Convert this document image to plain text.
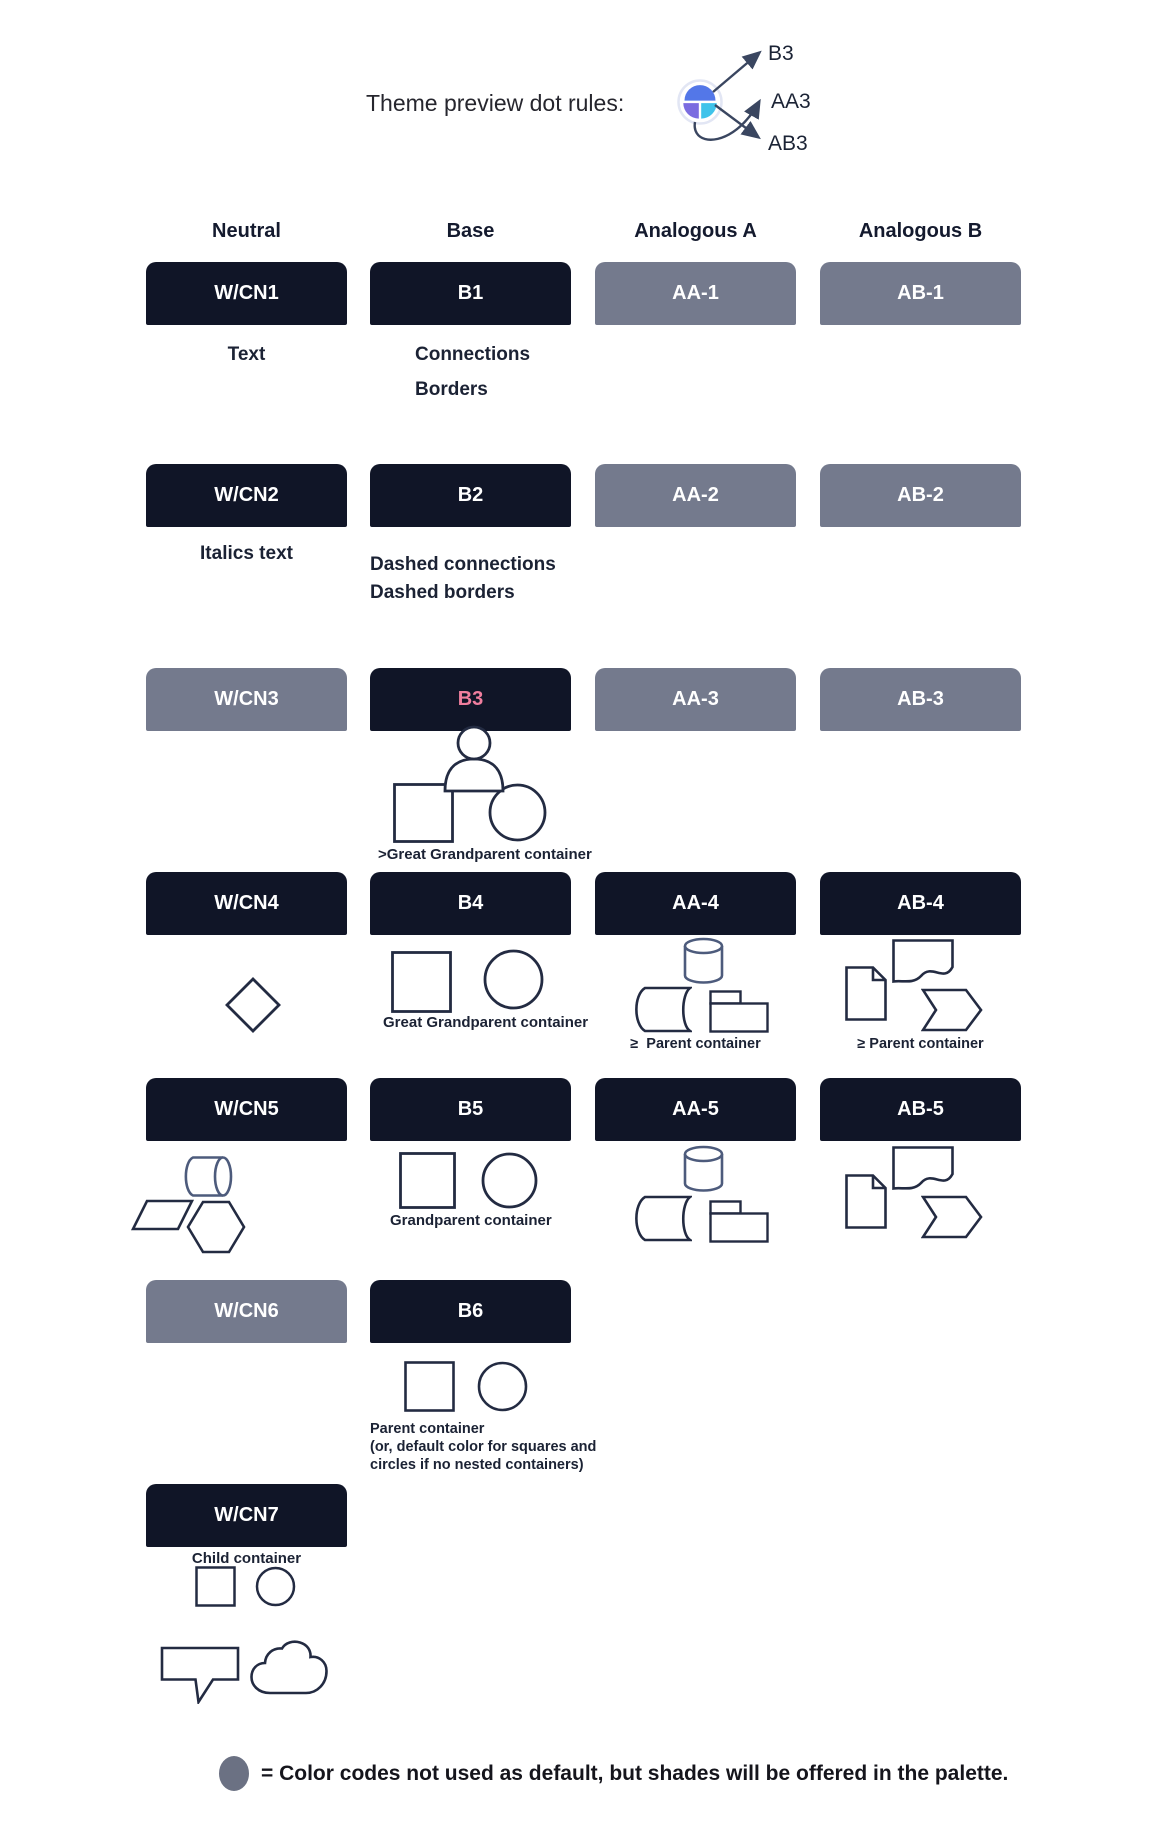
Theme preview dot rules:
B3
AA3
AB3
Neutral	Base	Analogous A	Analogous B
W/CN1	B1	AA-1	AB-1
Text	Connections
Borders
W/CN2	B2	AA-2	AB-2
Italics text
Dashed connections
Dashed borders
W/CN3	B3	AA-3	AB-3
>Great Grandparent container
W/CN4	B4	AA-4	AB-4
Great Grandparent container
≥  Parent container	≥ Parent container
W/CN5	B5	AA-5	AB-5
Grandparent container
W/CN6	B6
Parent container
(or, default color for squares and
circles if no nested containers)
W/CN7
Child container
= Color codes not used as default, but shades will be offered in the palette.
